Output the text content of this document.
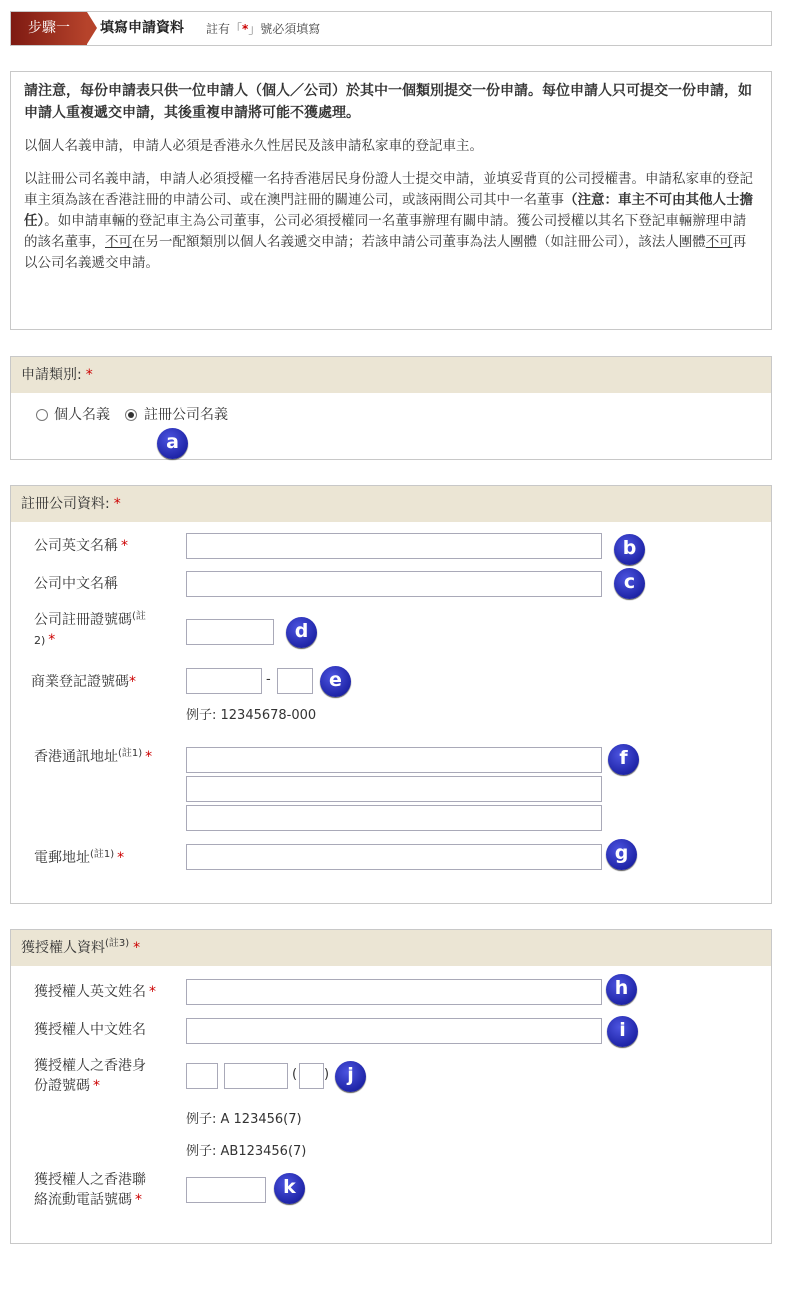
步驟一	填寫申請資料 註有「*」號必須填寫

請注意，每份申請表只供一位申請人（個人／公司）於其中一個類別提交一份申請。每位申請人只可提交一份申請，如申請人重複遞交申請，其後重複申請將可能不獲處理。

以個人名義申請，申請人必須是香港永久性居民及該申請私家車的登記車主。

以註冊公司名義申請，申請人必須授權一名持香港居民身份證人士提交申請，並填妥背頁的公司授權書。申請私家車的登記車主須為該在香港註冊的申請公司、或在澳門註冊的關連公司，或該兩間公司其中一名董事（注意：車主不可由其他人士擔任）。如申請車輛的登記車主為公司董事，公司必須授權同一名董事辦理有關申請。獲公司授權以其名下登記車輛辦理申請的該名董事，不可在另一配額類別以個人名義遞交申請；若該申請公司董事為法人團體（如註冊公司），該法人團體不可再以公司名義遞交申請。

申請類別: *
個人名義 註冊公司名義
a
註冊公司資料: *
公司英文名稱 *	b
公司中文名稱	c
公司註冊證號碼$^{(註}$
2) *	d
商業登記證號碼*	-	e
例子: 12345678-000
香港通訊地址$^{(註1)}$ *	f
電郵地址$^{(註1)}$ *	g
獲授權人資料$^{(註3)}$ *
獲授權人英文姓名 *	h
獲授權人中文姓名	i
獲授權人之香港身
份證號碼 *
( ) j
例子: A 123456(7)
例子: AB123456(7)
獲授權人之香港聯
絡流動電話號碼 *
k
